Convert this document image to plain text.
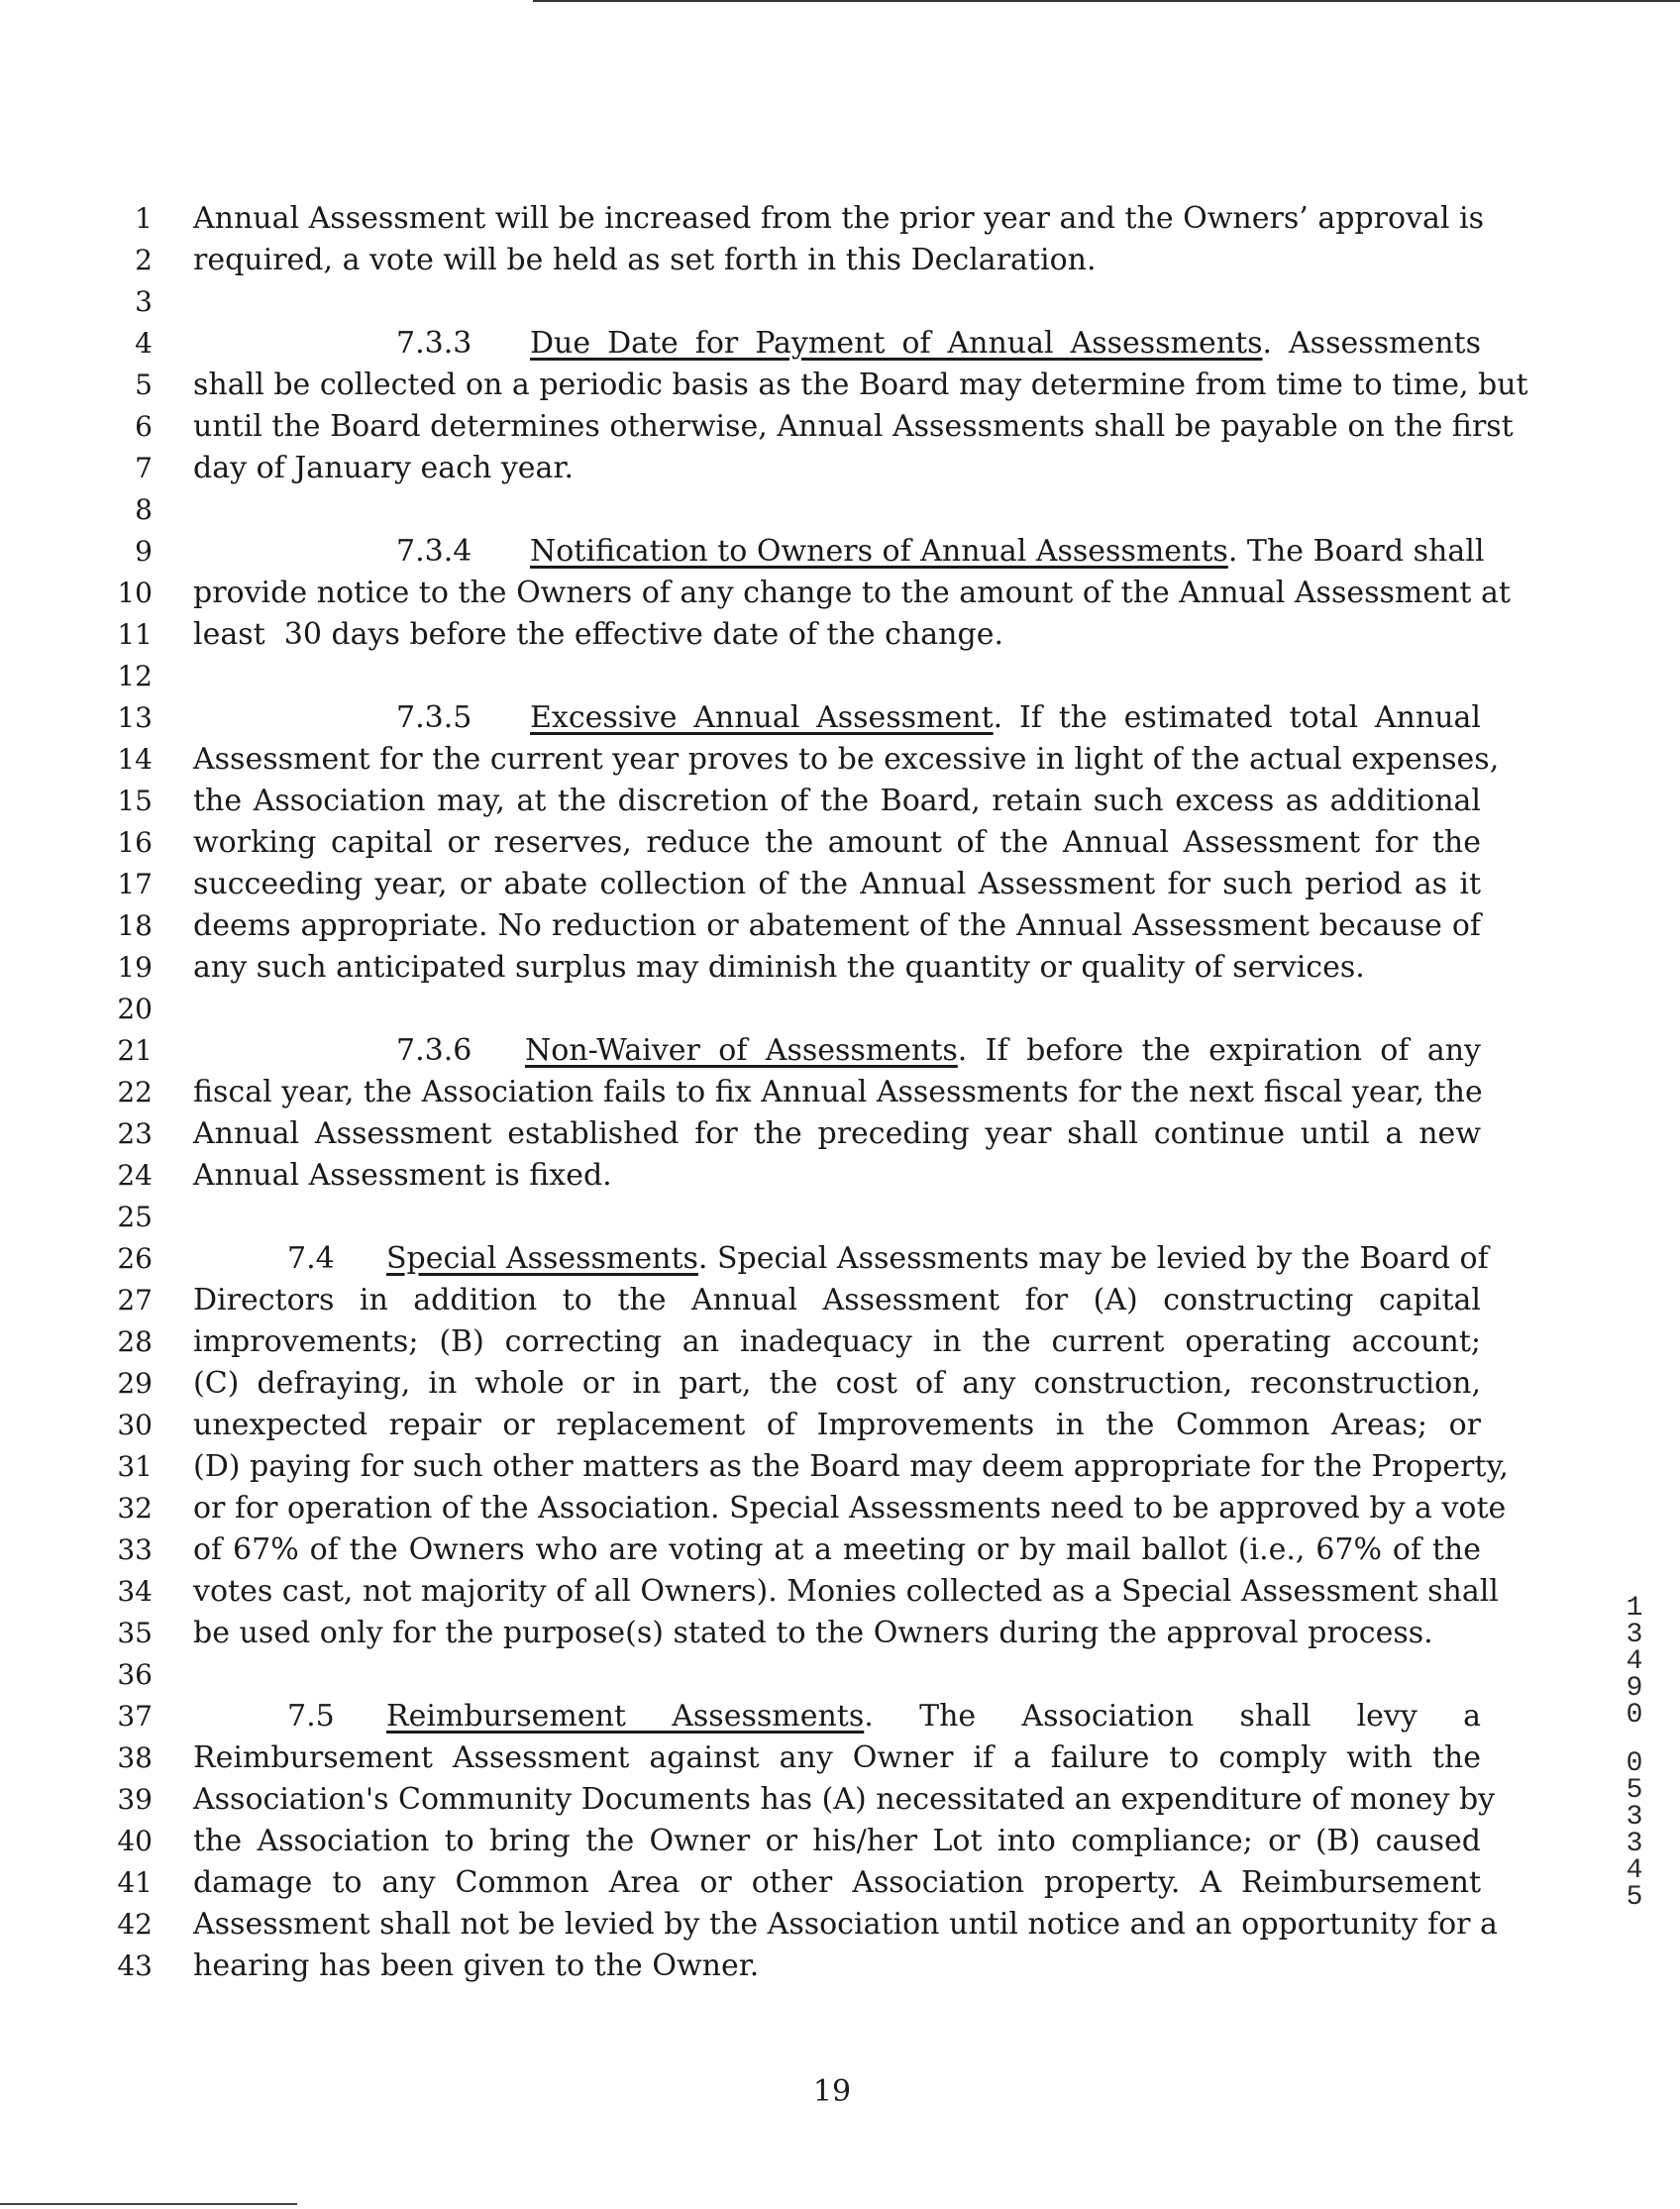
1 Annual Assessment will be increased from the prior year and the Owners’ approval is
2 required, a vote will be held as set forth in this Declaration.
3
4	7.3.3 Due Date for Payment of Annual Assessments. Assessments
5 shall be collected on a periodic basis as the Board may determine from time to time, but
6 until the Board determines otherwise, Annual Assessments shall be payable on the first
7 day of January each year.
8
9	7.3.4 Notification to Owners of Annual Assessments. The Board shall
10 provide notice to the Owners of any change to the amount of the Annual Assessment at
11 least  30 days before the effective date of the change.
12
13	7.3.5 Excessive Annual Assessment. If the estimated total Annual
14 Assessment for the current year proves to be excessive in light of the actual expenses,
15 the Association may, at the discretion of the Board, retain such excess as additional
16 working capital or reserves, reduce the amount of the Annual Assessment for the
17 succeeding year, or abate collection of the Annual Assessment for such period as it
18 deems appropriate. No reduction or abatement of the Annual Assessment because of
19 any such anticipated surplus may diminish the quantity or quality of services.
20
21	7.3.6 Non-Waiver of Assessments. If before the expiration of any
22 fiscal year, the Association fails to fix Annual Assessments for the next fiscal year, the
23 Annual Assessment established for the preceding year shall continue until a new
24 Annual Assessment is fixed.
25
26	7.4 Special Assessments. Special Assessments may be levied by the Board of
27 Directors in addition to the Annual Assessment for (A) constructing capital
28 improvements; (B) correcting an inadequacy in the current operating account;
29 (C) defraying, in whole or in part, the cost of any construction, reconstruction,
30 unexpected repair or replacement of Improvements in the Common Areas; or
31 (D) paying for such other matters as the Board may deem appropriate for the Property,
32 or for operation of the Association. Special Assessments need to be approved by a vote
33 of 67% of the Owners who are voting at a meeting or by mail ballot (i.e., 67% of the
34 votes cast, not majority of all Owners). Monies collected as a Special Assessment shall
35 be used only for the purpose(s) stated to the Owners during the approval process.
36
37	7.5 Reimbursement Assessments. The Association shall levy a
38 Reimbursement Assessment against any Owner if a failure to comply with the
39 Association's Community Documents has (A) necessitated an expenditure of money by
40 the Association to bring the Owner or his/her Lot into compliance; or (B) caused
41 damage to any Common Area or other Association property. A Reimbursement
42 Assessment shall not be levied by the Association until notice and an opportunity for a
43 hearing has been given to the Owner.
19
1
3
4
9
0
0
5
3
3
4
5
